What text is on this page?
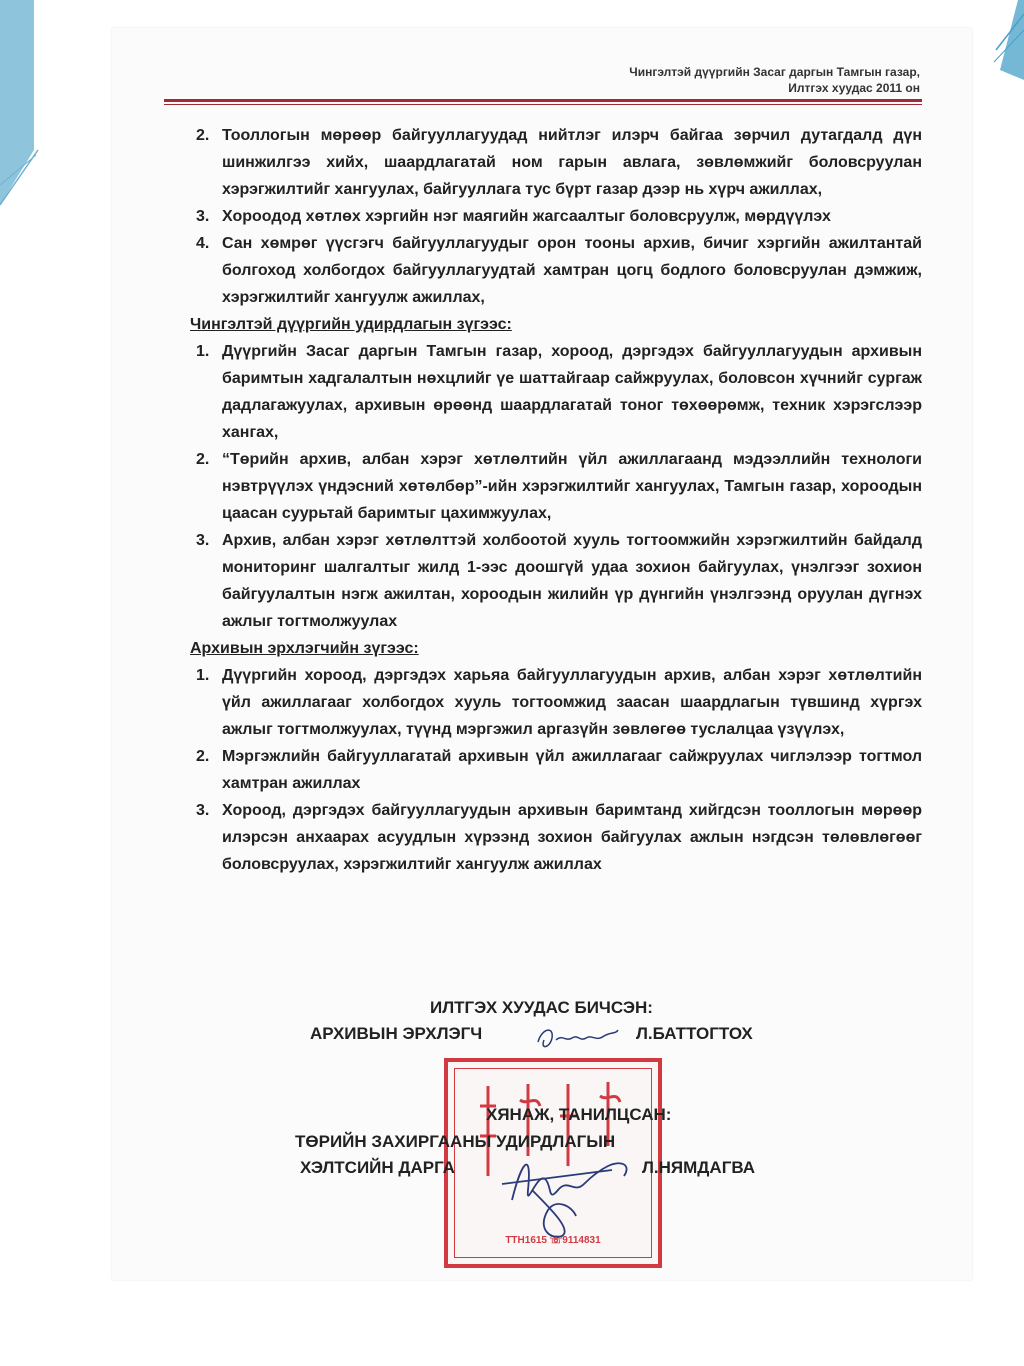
Чингэлтэй дүүргийн Засаг даргын Тамгын газар,
Илтгэх хуудас 2011 он
2. Тооллогын мөрөөр байгууллагуудад нийтлэг илэрч байгаа зөрчил дутагдалд дүн шинжилгээ хийх, шаардлагатай ном гарын авлага, зөвлөмжийг боловсруулан хэрэгжилтийг хангуулах, байгууллага тус бүрт газар дээр нь хүрч ажиллах,
3. Хороодод хөтлөх хэргийн нэг маягийн жагсаалтыг боловсруулж, мөрдүүлэх
4. Сан хөмрөг үүсгэгч байгууллагуудыг орон тооны архив, бичиг хэргийн ажилтантай болгоход холбогдох байгууллагуудтай хамтран цогц бодлого боловсруулан дэмжиж, хэрэгжилтийг хангуулж ажиллах,
Чингэлтэй дүүргийн удирдлагын зүгээс:
1. Дүүргийн Засаг даргын Тамгын газар, хороод, дэргэдэх байгууллагуудын архивын баримтын хадгалалтын нөхцлийг үе шаттайгаар сайжруулах, боловсон хүчнийг сургаж дадлагажуулах, архивын өрөөнд шаардлагатай тоног төхөөрөмж, техник хэрэгслээр хангах,
2. “Төрийн архив, албан хэрэг хөтлөлтийн үйл ажиллагаанд мэдээллийн технологи нэвтрүүлэх үндэсний хөтөлбөр”-ийн хэрэгжилтийг хангуулах, Тамгын газар, хороодын цаасан суурьтай баримтыг цахимжуулах,
3. Архив, албан хэрэг хөтлөлттэй холбоотой хууль тогтоомжийн хэрэгжилтийн байдалд мониторинг шалгалтыг жилд 1-ээс доошгүй удаа зохион байгуулах, үнэлгээг зохион байгуулалтын нэгж ажилтан, хороодын жилийн үр дүнгийн үнэлгээнд оруулан дүгнэх ажлыг тогтмолжуулах
Архивын эрхлэгчийн зүгээс:
1. Дүүргийн хороод, дэргэдэх харьяа байгууллагуудын архив, албан хэрэг хөтлөлтийн үйл ажиллагааг холбогдох хууль тогтоомжид заасан шаардлагын түвшинд хүргэх ажлыг тогтмолжуулах, түүнд мэргэжил аргазүйн зөвлөгөө туслалцаа үзүүлэх,
2. Мэргэжлийн байгууллагатай архивын үйл ажиллагааг сайжруулах чиглэлээр тогтмол хамтран ажиллах
3. Хороод, дэргэдэх байгууллагуудын архивын баримтанд хийгдсэн тооллогын мөрөөр илэрсэн анхаарах асуудлын хүрээнд зохион байгуулах ажлын нэгдсэн төлөвлөгөөг боловсруулах, хэрэгжилтийг хангуулж ажиллах
ИЛТГЭХ ХУУДАС БИЧСЭН:
АРХИВЫН ЭРХЛЭГЧ	Л.БАТТОГТОХ
ТТН1615 ☏9114831
ХЯНАЖ, ТАНИЛЦСАН:
ТӨРИЙН ЗАХИРГААНЫ УДИРДЛАГЫН
ХЭЛТСИЙН ДАРГА	Л.НЯМДАГВА
